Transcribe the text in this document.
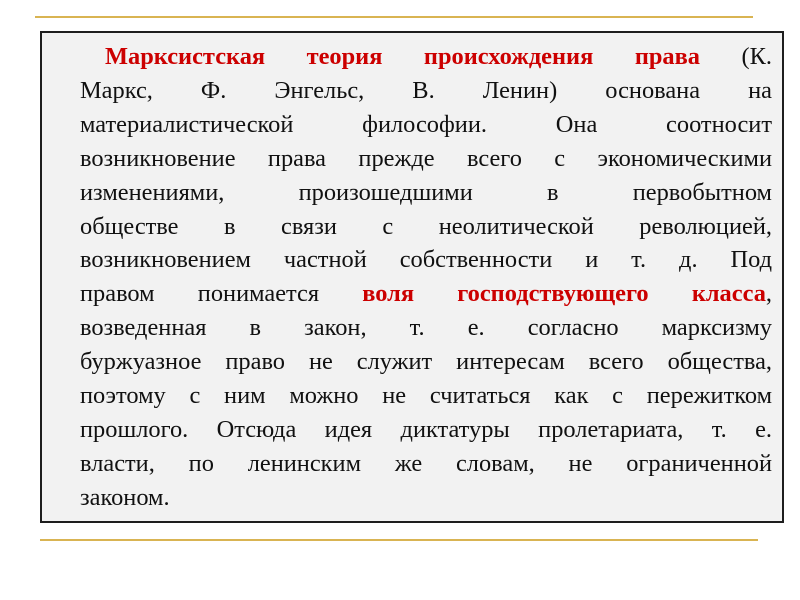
Марксистская теория происхождения права (К.
Маркс, Ф. Энгельс, В. Ленин) основана на
материалистической философии. Она соотносит
возникновение права прежде всего с экономическими
изменениями, произошедшими в первобытном
обществе в связи с неолитической революцией,
возникновением частной собственности и т. д. Под
правом понимается воля господствующего класса,
возведенная в закон, т. е. согласно марксизму
буржуазное право не служит интересам всего общества,
поэтому с ним можно не считаться как с пережитком
прошлого. Отсюда идея диктатуры пролетариата, т. е.
власти, по ленинским же словам, не ограниченной
законом.
